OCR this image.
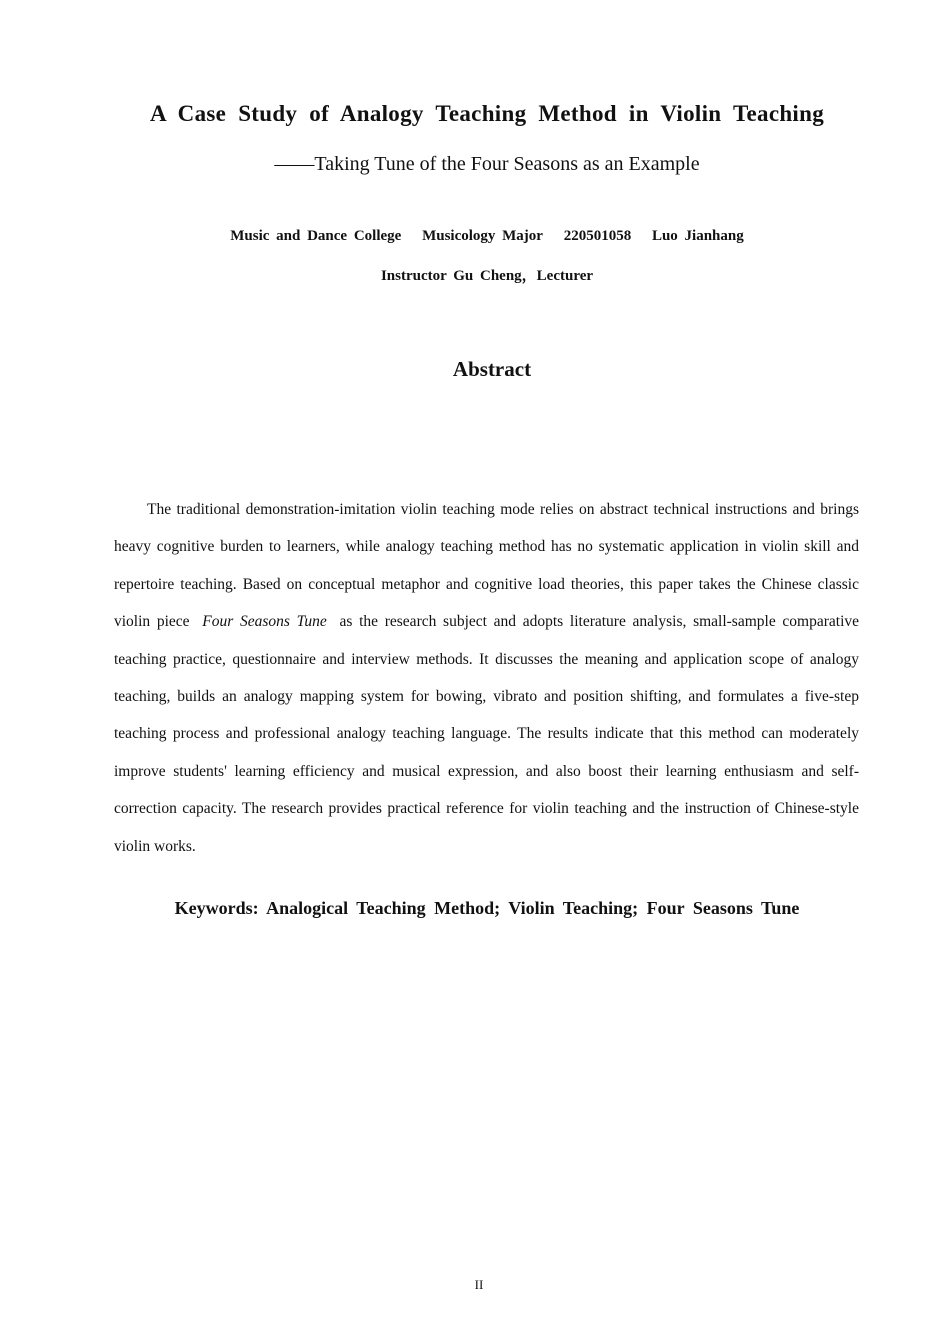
A Case Study of Analogy Teaching Method in Violin Teaching
——Taking Tune of the Four Seasons as an Example
Music and Dance College Musicology Major 220501058 Luo Jianhang
Instructor Gu Cheng，Lecturer
Abstract

The traditional demonstration-imitation violin teaching mode relies on abstract technical instructions and brings heavy cognitive burden to learners, while analogy teaching method has no systematic application in violin skill and repertoire teaching. Based on conceptual metaphor and cognitive load theories, this paper takes the Chinese classic violin piece Four Seasons Tune as the research subject and adopts literature analysis, small-sample comparative teaching practice, questionnaire and interview methods. It discusses the meaning and application scope of analogy teaching, builds an analogy mapping system for bowing, vibrato and position shifting, and formulates a five-step teaching process and professional analogy teaching language. The results indicate that this method can moderately improve students' learning efficiency and musical expression, and also boost their learning enthusiasm and self-correction capacity. The research provides practical reference for violin teaching and the instruction of Chinese-style violin works.

Keywords: Analogical Teaching Method; Violin Teaching; Four Seasons Tune
II
